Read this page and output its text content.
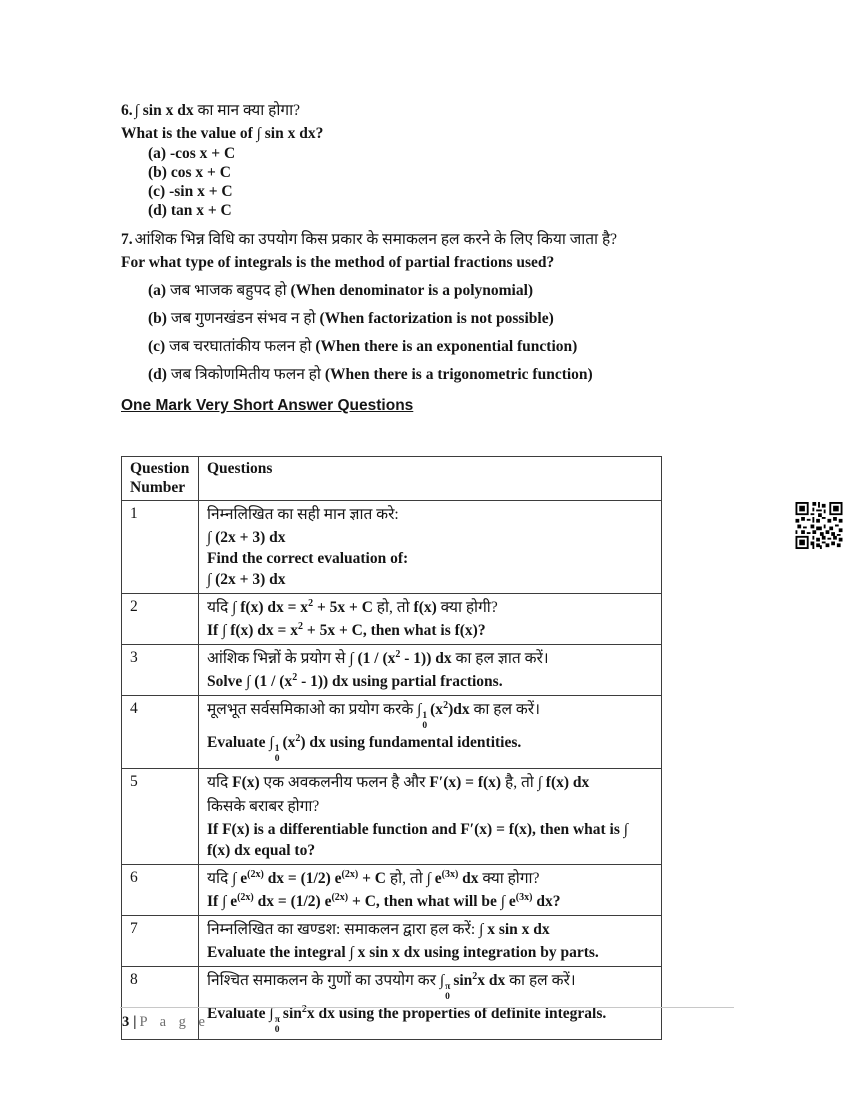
6. ∫ sin x dx का मान क्या होगा?
What is the value of ∫ sin x dx?
(a) -cos x + C
(b) cos x + C
(c) -sin x + C
(d) tan x + C
7. आंशिक भिन्न विधि का उपयोग किस प्रकार के समाकलन हल करने के लिए किया जाता है?
For what type of integrals is the method of partial fractions used?
(a) जब भाजक बहुपद हो (When denominator is a polynomial)
(b) जब गुणनखंडन संभव न हो (When factorization is not possible)
(c) जब चरघातांकीय फलन हो (When there is an exponential function)
(d) जब त्रिकोणमितीय फलन हो (When there is a trigonometric function)
One Mark Very Short Answer Questions
Question Number	Questions
1	निम्नलिखित का सही मान ज्ञात करे:
∫ (2x + 3) dx
Find the correct evaluation of:
∫ (2x + 3) dx

2	यदि ∫ f(x) dx = $x^2 + 5x + C$ हो, तो f(x) क्या होगी?
If ∫ f(x) dx = $x^2 + 5x + C$, then what is f(x)?

3	आंशिक भिन्नों के प्रयोग से ∫ $(1 / (x^2 - 1))$ dx का हल ज्ञात करें।
Solve ∫ $(1 / (x^2 - 1))$ dx using partial fractions.

4	मूलभूत सर्वसमिकाओ का प्रयोग करके ∫ 1
0
$(x^2)dx$ का हल करें।
Evaluate ∫ 1
0
$(x^2)$ dx using fundamental identities.

5	यदि F(x) एक अवकलनीय फलन है और F′(x) = f(x) है, तो ∫ f(x) dx
किसके बराबर होगा?
If F(x) is a differentiable function and F′(x) = f(x), then what is ∫ f(x) dx equal to?

6	यदि ∫ $e^{(2x)}$ dx = (1/2) $e^{(2x)} + C$ हो, तो ∫ $e^{(3x)}$ dx क्या होगा?
If ∫ $e^{(2x)}$ dx = (1/2) $e^{(2x)} + C$, then what will be ∫ $e^{(3x)}$ dx?

7	निम्नलिखित का खण्डश: समाकलन द्वारा हल करें: ∫ x sin x dx
Evaluate the integral ∫ x sin x dx using integration by parts.

8	निश्चित समाकलन के गुणों का उपयोग कर ∫ π
0
$\sin^2x$ dx का हल करें।
Evaluate ∫ π
0
$\sin^2x$ dx using the properties of definite integrals.
3 | P a g e
